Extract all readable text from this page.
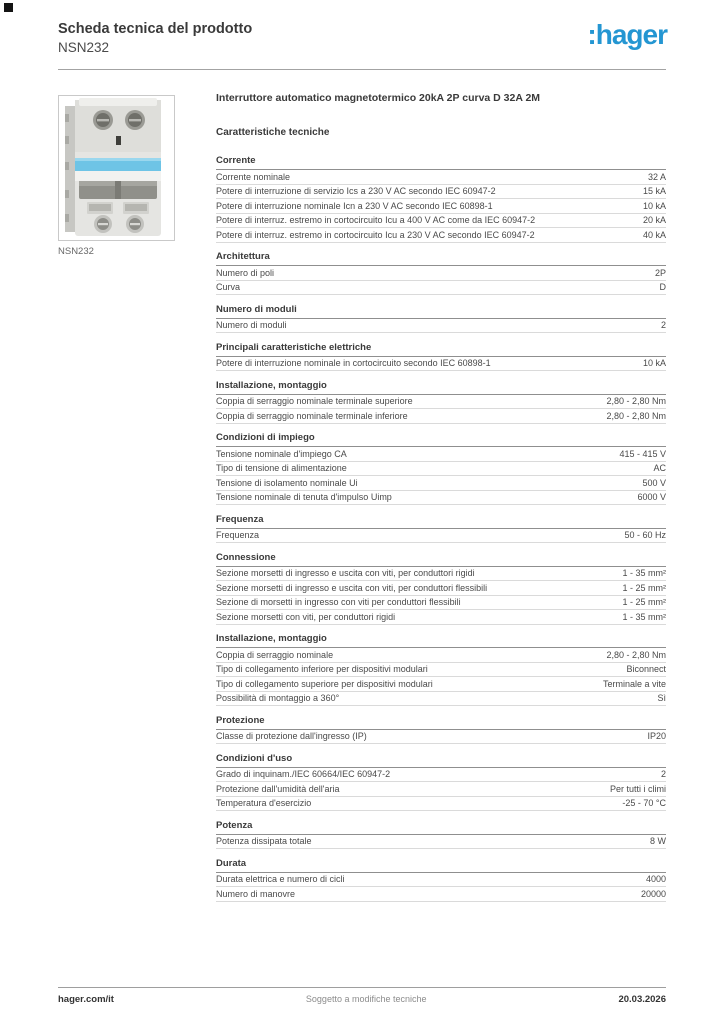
Scheda tecnica del prodotto
NSN232	:hager
NSN232
Interruttore automatico magnetotermico 20kA 2P curva D 32A 2M
Caratteristiche tecniche
Corrente
Corrente nominale	32 A
Potere di interruzione di servizio Ics a 230 V AC secondo IEC 60947-2	15 kA
Potere di interruzione nominale Icn a 230 V AC secondo IEC 60898-1	10 kA
Potere di interruz. estremo in cortocircuito Icu a 400 V AC come da IEC 60947-2	20 kA
Potere di interruz. estremo in cortocircuito Icu a 230 V AC secondo IEC 60947-2	40 kA
Architettura
Numero di poli	2P
Curva	D
Numero di moduli
Numero di moduli	2
Principali caratteristiche elettriche
Potere di interruzione nominale in cortocircuito secondo IEC 60898-1	10 kA
Installazione, montaggio
Coppia di serraggio nominale terminale superiore	2,80 - 2,80 Nm
Coppia di serraggio nominale terminale inferiore	2,80 - 2,80 Nm
Condizioni di impiego
Tensione nominale d'impiego CA	415 - 415 V
Tipo di tensione di alimentazione	AC
Tensione di isolamento nominale Ui	500 V
Tensione nominale di tenuta d'impulso Uimp	6000 V
Frequenza
Frequenza	50 - 60 Hz
Connessione
Sezione morsetti di ingresso e uscita con viti, per conduttori rigidi	1 - 35 mm²
Sezione morsetti di ingresso e uscita con viti, per conduttori flessibili	1 - 25 mm²
Sezione di morsetti in ingresso con viti per conduttori flessibili	1 - 25 mm²
Sezione morsetti con viti, per conduttori rigidi	1 - 35 mm²
Installazione, montaggio
Coppia di serraggio nominale	2,80 - 2,80 Nm
Tipo di collegamento inferiore per dispositivi modulari	Biconnect
Tipo di collegamento superiore per dispositivi modulari	Terminale a vite
Possibilità di montaggio a 360°	Sì
Protezione
Classe di protezione dall'ingresso (IP)	IP20
Condizioni d'uso
Grado di inquinam./IEC 60664/IEC 60947-2	2
Protezione dall'umidità dell'aria	Per tutti i climi
Temperatura d'esercizio	-25 - 70 °C
Potenza
Potenza dissipata totale	8 W
Durata
Durata elettrica e numero di cicli	4000
Numero di manovre	20000
hager.com/it	Soggetto a modifiche tecniche	20.03.2026
